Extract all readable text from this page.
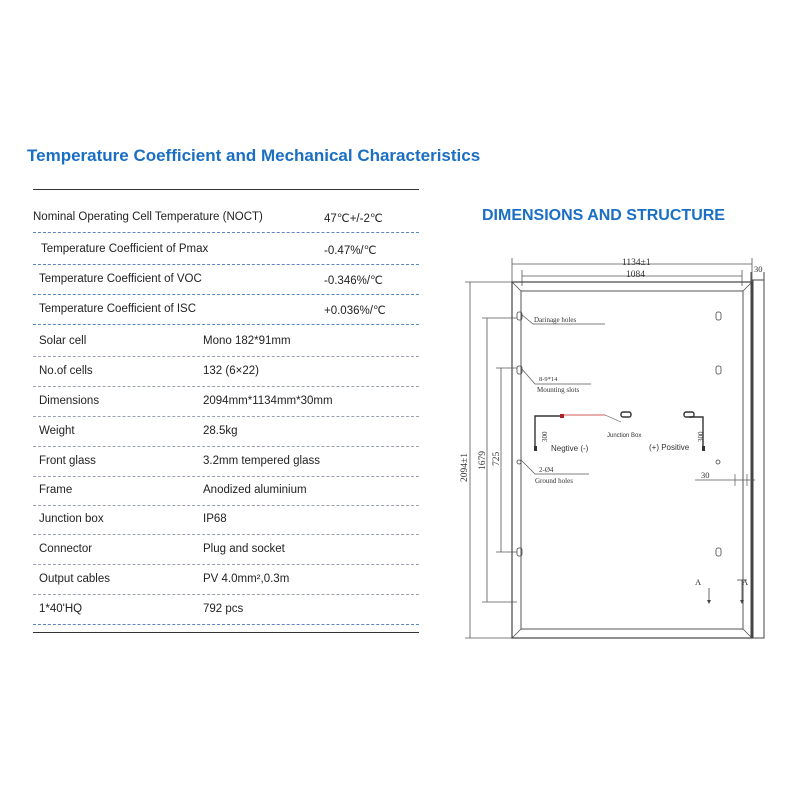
Temperature Coefficient and Mechanical Characteristics
Nominal Operating Cell Temperature (NOCT)	47℃+/-2℃
Temperature Coefficient of Pmax	-0.47%/℃
Temperature Coefficient of VOC	-0.346%/℃
Temperature Coefficient of ISC	+0.036%/℃
Solar cell	Mono 182*91mm
No.of cells	132 (6×22)
Dimensions	2094mm*1134mm*30mm
Weight	28.5kg
Front glass	3.2mm tempered glass
Frame	Anodized aluminium
Junction box	IP68
Connector	Plug and socket
Output cables	PV 4.0mm²,0.3m
1*40'HQ	792 pcs
DIMENSIONS AND STRUCTURE
1134±1
1084
30
2094±1 1679 725
Darinage holes
8-9*14
Mounting slots
2-Ø4
Ground holes
Junction Box
300	300
Negtive (-)	(+) Positive
30
A	A
